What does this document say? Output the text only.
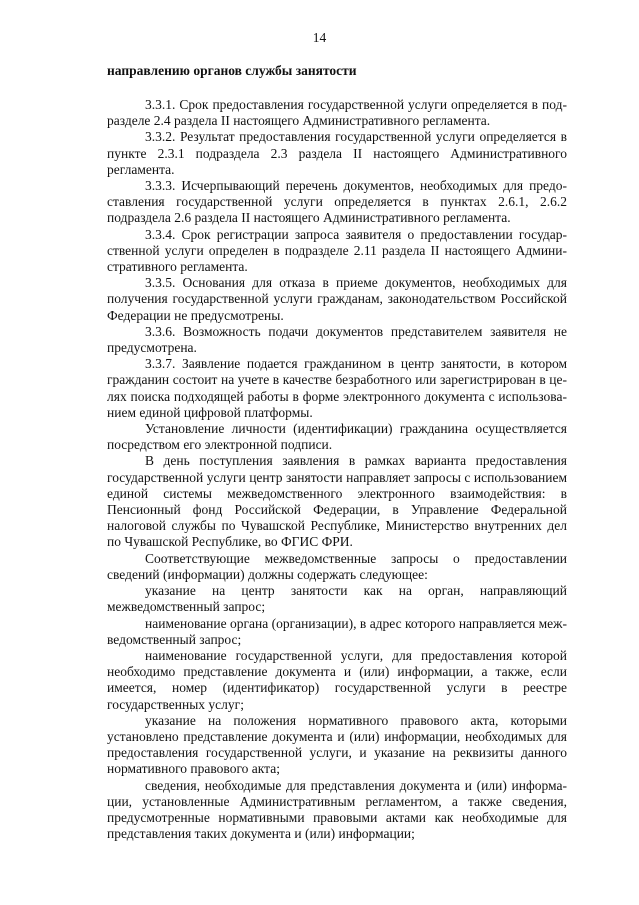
14
направлению органов службы занятости

3.3.1. Срок предоставления государственной услуги определяется в подразделе 2.4 раздела II настоящего Административного регламента.

3.3.2. Результат предоставления государственной услуги определяется в пункте 2.3.1 подраздела 2.3 раздела II настоящего Административного регламента.

3.3.3. Исчерпывающий перечень документов, необходимых для предоставления государственной услуги определяется в пунктах 2.6.1, 2.6.2 подраздела 2.6 раздела II настоящего Административного регламента.

3.3.4. Срок регистрации запроса заявителя о предоставлении государственной услуги определен в подразделе 2.11 раздела II настоящего Административного регламента.

3.3.5. Основания для отказа в приеме документов, необходимых для получения государственной услуги гражданам, законодательством Российской Федерации не предусмотрены.

3.3.6. Возможность подачи документов представителем заявителя не предусмотрена.

3.3.7. Заявление подается гражданином в центр занятости, в котором гражданин состоит на учете в качестве безработного или зарегистрирован в целях поиска подходящей работы в форме электронного документа с использованием единой цифровой платформы.

Установление личности (идентификации) гражданина осуществляется посредством его электронной подписи.

В день поступления заявления в рамках варианта предоставления государственной услуги центр занятости направляет запросы с использованием единой системы межведомственного электронного взаимодействия: в Пенсионный фонд Российской Федерации, в Управление Федеральной налоговой службы по Чувашской Республике, Министерство внутренних дел по Чувашской Республике, во ФГИС ФРИ.

Соответствующие межведомственные запросы о предоставлении сведений (информации) должны содержать следующее:

указание на центр занятости как на орган, направляющий межведомственный запрос;

наименование органа (организации), в адрес которого направляется межведомственный запрос;

наименование государственной услуги, для предоставления которой необходимо представление документа и (или) информации, а также, если имеется, номер (идентификатор) государственной услуги в реестре государственных услуг;

указание на положения нормативного правового акта, которыми установлено представление документа и (или) информации, необходимых для предоставления государственной услуги, и указание на реквизиты данного нормативного правового акта;

сведения, необходимые для представления документа и (или) информации, установленные Административным регламентом, а также сведения, предусмотренные нормативными правовыми актами как необходимые для представления таких документа и (или) информации;
